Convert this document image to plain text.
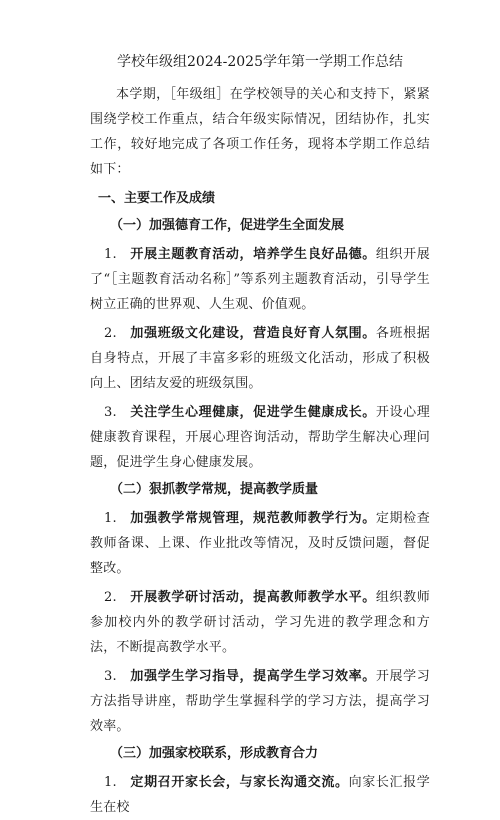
学校年级组2024-2025学年第一学期工作总结

本学期，［年级组］在学校领导的关心和支持下，紧紧围绕学校工作重点，结合年级实际情况，团结协作，扎实工作，较好地完成了各项工作任务，现将本学期工作总结如下：

一、主要工作及成绩
（一）加强德育工作，促进学生全面发展

1. 开展主题教育活动，培养学生良好品德。组织开展了“［主题教育活动名称］”等系列主题教育活动，引导学生树立正确的世界观、人生观、价值观。

2. 加强班级文化建设，营造良好育人氛围。各班根据自身特点，开展了丰富多彩的班级文化活动，形成了积极向上、团结友爱的班级氛围。

3. 关注学生心理健康，促进学生健康成长。开设心理健康教育课程，开展心理咨询活动，帮助学生解决心理问题，促进学生身心健康发展。

（二）狠抓教学常规，提高教学质量

1. 加强教学常规管理，规范教师教学行为。定期检查教师备课、上课、作业批改等情况，及时反馈问题，督促整改。

2. 开展教学研讨活动，提高教师教学水平。组织教师参加校内外的教学研讨活动，学习先进的教学理念和方法，不断提高教学水平。

3. 加强学生学习指导，提高学生学习效率。开展学习方法指导讲座，帮助学生掌握科学的学习方法，提高学习效率。

（三）加强家校联系，形成教育合力

1. 定期召开家长会，与家长沟通交流。向家长汇报学生在校
